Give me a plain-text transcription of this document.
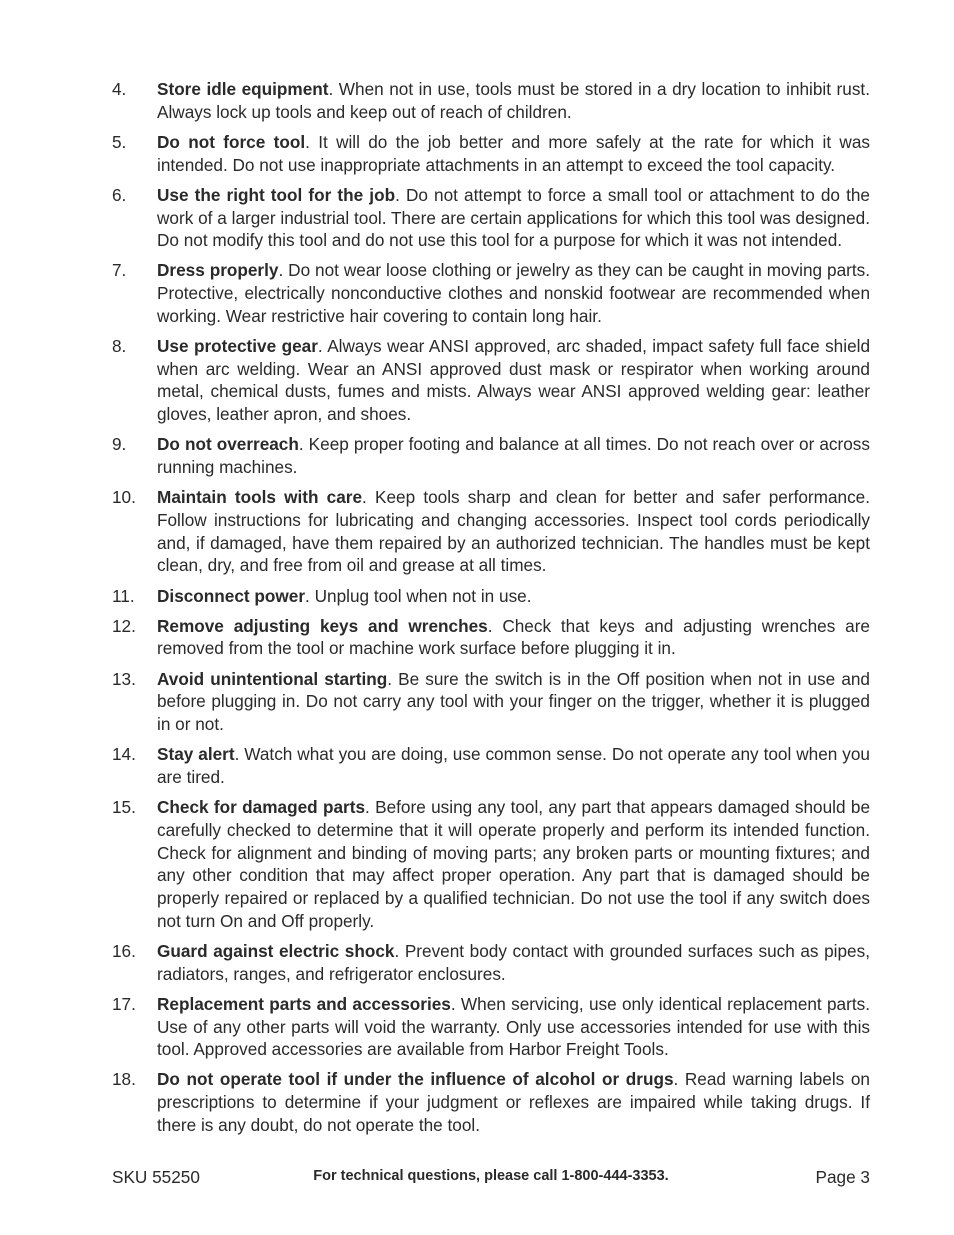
4.	Store idle equipment. When not in use, tools must be stored in a dry location to inhibit rust. Always lock up tools and keep out of reach of children.
5.	Do not force tool. It will do the job better and more safely at the rate for which it was intended. Do not use inappropriate attachments in an attempt to exceed the tool capacity.
6.	Use the right tool for the job. Do not attempt to force a small tool or attachment to do the work of a larger industrial tool. There are certain applications for which this tool was designed. Do not modify this tool and do not use this tool for a purpose for which it was not intended.
7.	Dress properly. Do not wear loose clothing or jewelry as they can be caught in moving parts. Protective, electrically nonconductive clothes and nonskid footwear are recommended when working. Wear restrictive hair covering to contain long hair.
8.	Use protective gear. Always wear ANSI approved, arc shaded, impact safety full face shield when arc welding. Wear an ANSI approved dust mask or respirator when working around metal, chemical dusts, fumes and mists. Always wear ANSI approved welding gear: leather gloves, leather apron, and shoes.
9.	Do not overreach. Keep proper footing and balance at all times. Do not reach over or across running machines.
10.	Maintain tools with care. Keep tools sharp and clean for better and safer performance. Follow instructions for lubricating and changing accessories. Inspect tool cords periodically and, if damaged, have them repaired by an authorized technician. The handles must be kept clean, dry, and free from oil and grease at all times.
11.	Disconnect power. Unplug tool when not in use.
12.	Remove adjusting keys and wrenches. Check that keys and adjusting wrenches are removed from the tool or machine work surface before plugging it in.
13.	Avoid unintentional starting. Be sure the switch is in the Off position when not in use and before plugging in. Do not carry any tool with your finger on the trigger, whether it is plugged in or not.
14.	Stay alert. Watch what you are doing, use common sense. Do not operate any tool when you are tired.
15.	Check for damaged parts. Before using any tool, any part that appears damaged should be carefully checked to determine that it will operate properly and perform its intended function. Check for alignment and binding of moving parts; any broken parts or mounting fixtures; and any other condition that may affect proper operation. Any part that is damaged should be properly repaired or replaced by a qualified technician. Do not use the tool if any switch does not turn On and Off properly.
16.	Guard against electric shock. Prevent body contact with grounded surfaces such as pipes, radiators, ranges, and refrigerator enclosures.
17.	Replacement parts and accessories. When servicing, use only identical replacement parts. Use of any other parts will void the warranty. Only use accessories intended for use with this tool. Approved accessories are available from Harbor Freight Tools.
18.	Do not operate tool if under the influence of alcohol or drugs. Read warning labels on prescriptions to determine if your judgment or reflexes are impaired while taking drugs. If there is any doubt, do not operate the tool.
SKU 55250	For technical questions, please call 1-800-444-3353.	Page 3
